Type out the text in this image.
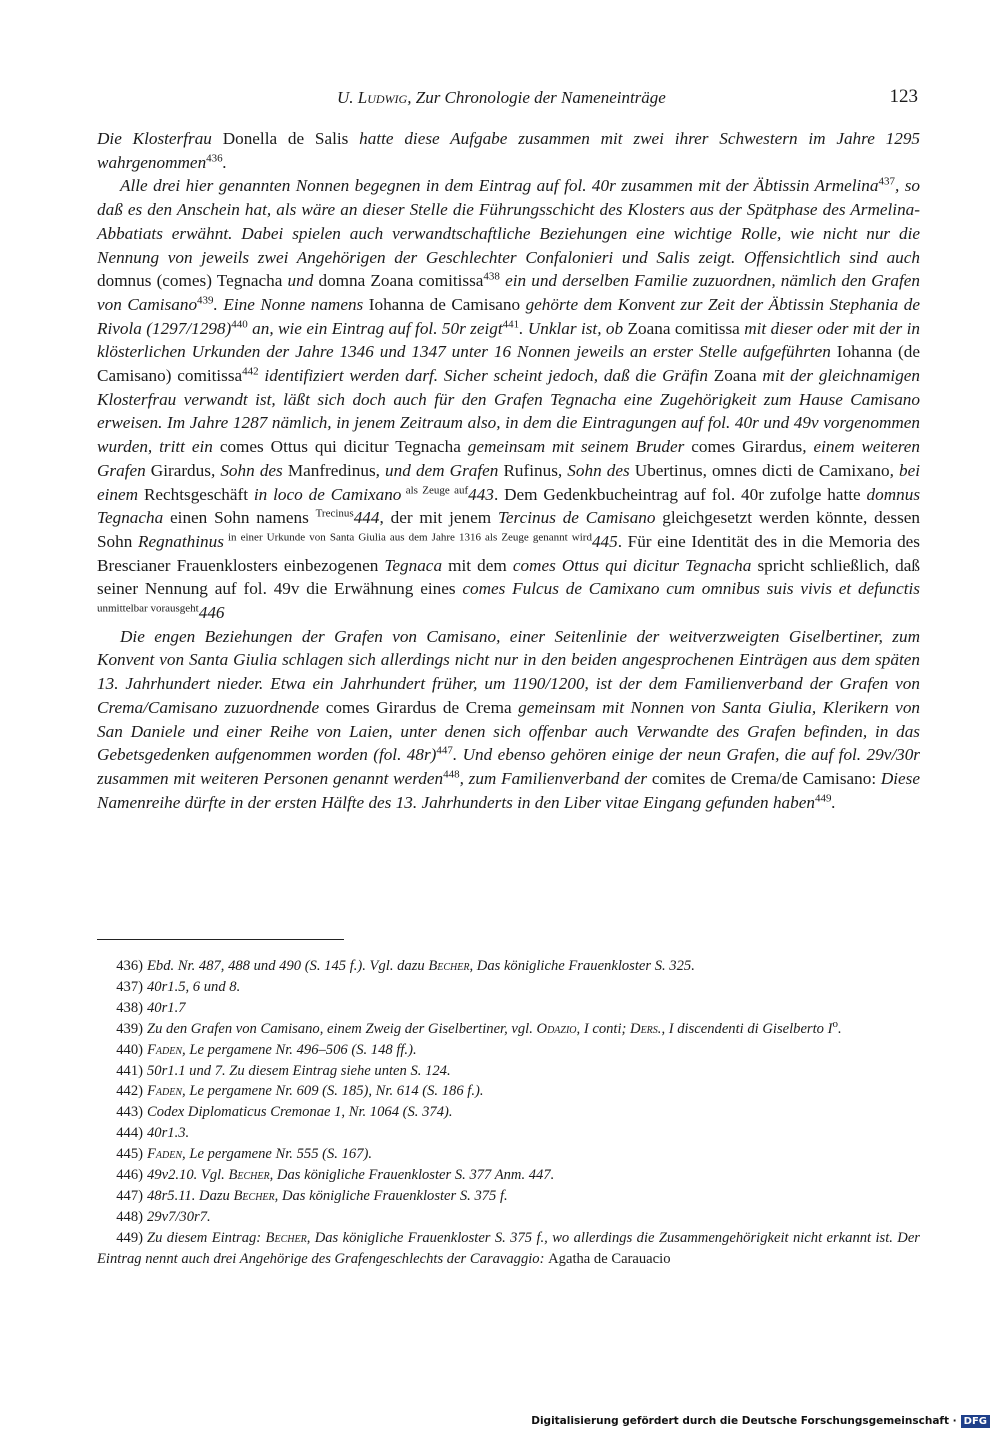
U. Ludwig, Zur Chronologie der Nameneinträge	123

Die Klosterfrau Donella de Salis hatte diese Aufgabe zusammen mit zwei ihrer Schwestern im Jahre 1295 wahrgenommen$^{436}$.

Alle drei hier genannten Nonnen begegnen in dem Eintrag auf fol. 40r zusammen mit der Äbtissin Armelina$^{437}$, so daß es den Anschein hat, als wäre an dieser Stelle die Führungsschicht des Klosters aus der Spätphase des Armelina-Abbatiats erwähnt. Dabei spielen auch verwandtschaftliche Beziehungen eine wichtige Rolle, wie nicht nur die Nennung von jeweils zwei Angehörigen der Geschlechter Confalonieri und Salis zeigt. Offensichtlich sind auch domnus (comes) Tegnacha und domna Zoana comitissa$^{438}$ ein und derselben Familie zuzuordnen, nämlich den Grafen von Camisano$^{439}$. Eine Nonne namens Iohanna de Camisano gehörte dem Konvent zur Zeit der Äbtissin Stephania de Rivola $(1297/1298)^{440}$ an, wie ein Eintrag auf fol. 50r zeigt$^{441}$. Unklar ist, ob Zoana comitissa mit dieser oder mit der in klösterlichen Urkunden der Jahre 1346 und 1347 unter 16 Nonnen jeweils an erster Stelle aufgeführten Iohanna (de Camisano) comitissa$^{442}$ identifiziert werden darf. Sicher scheint jedoch, daß die Gräfin Zoana mit der gleichnamigen Klosterfrau verwandt ist, läßt sich doch auch für den Grafen Tegnacha eine Zugehörigkeit zum Hause Camisano erweisen. Im Jahre 1287 nämlich, in jenem Zeitraum also, in dem die Eintragungen auf fol. 40r und 49v vorgenommen wurden, tritt ein comes Ottus qui dicitur Tegnacha gemeinsam mit seinem Bruder comes Girardus, einem weiteren Grafen Girardus, Sohn des Manfredinus, und dem Grafen Rufinus, Sohn des Ubertinus, omnes dicti de Camixano, bei einem Rechtsgeschäft in loco de Camixano $^{als Zeuge auf}$443. Dem Gedenkbucheintrag auf fol. 40r zufolge hatte domnus Tegnacha einen Sohn namens $^{Trecinus}$444, der mit jenem Tercinus de Camisano gleichgesetzt werden könnte, dessen Sohn Regnathinus $^{in einer Urkunde von Santa Giulia aus dem Jahre 1316 als Zeuge genannt wird}$445. Für eine Identität des in die Memoria des Brescianer Frauenklosters einbezogenen Tegnaca mit dem comes Ottus qui dicitur Tegnacha spricht schließlich, daß seiner Nennung auf fol. 49v die Erwähnung eines comes Fulcus de Camixano cum omnibus suis vivis et defunctis $^{unmittelbar vorausgeht}$446

Die engen Beziehungen der Grafen von Camisano, einer Seitenlinie der weitverzweigten Giselbertiner, zum Konvent von Santa Giulia schlagen sich allerdings nicht nur in den beiden angesprochenen Einträgen aus dem späten 13. Jahrhundert nieder. Etwa ein Jahrhundert früher, um 1190/1200, ist der dem Familienverband der Grafen von Crema/Camisano zuzuordnende comes Girardus de Crema gemeinsam mit Nonnen von Santa Giulia, Klerikern von San Daniele und einer Reihe von Laien, unter denen sich offenbar auch Verwandte des Grafen befinden, in das Gebetsgedenken aufgenommen worden (fol. 48r)$^{447}$. Und ebenso gehören einige der neun Grafen, die auf fol. 29v/30r zusammen mit weiteren Personen genannt werden$^{448}$, zum Familienverband der comites de Crema/de Camisano: Diese Namenreihe dürfte in der ersten Hälfte des 13. Jahrhunderts in den Liber vitae Eingang gefunden haben$^{449}$.

436) Ebd. Nr. 487, 488 und 490 (S. 145 f.). Vgl. dazu Becher, Das königliche Frauenkloster S. 325.

437) 40r1.5, 6 und 8.

438) 40r1.7

439) Zu den Grafen von Camisano, einem Zweig der Giselbertiner, vgl. Odazio, I conti; Ders., I discendenti di Giselberto $I^o$.

440) Faden, Le pergamene Nr. 496–506 (S. 148 ff.).

441) 50r1.1 und 7. Zu diesem Eintrag siehe unten S. 124.

442) Faden, Le pergamene Nr. 609 (S. 185), Nr. 614 (S. 186 f.).

443) Codex Diplomaticus Cremonae 1, Nr. 1064 (S. 374).

444) 40r1.3.

445) Faden, Le pergamene Nr. 555 (S. 167).

446) 49v2.10. Vgl. Becher, Das königliche Frauenkloster S. 377 Anm. 447.

447) 48r5.11. Dazu Becher, Das königliche Frauenkloster S. 375 f.

448) 29v7/30r7.

449) Zu diesem Eintrag: Becher, Das königliche Frauenkloster S. 375 f., wo allerdings die Zusammengehörigkeit nicht erkannt ist. Der Eintrag nennt auch drei Angehörige des Grafengeschlechts der Caravaggio: Agatha de Carauacio

Digitalisierung gefördert durch die Deutsche Forschungsgemeinschaft · DFG
